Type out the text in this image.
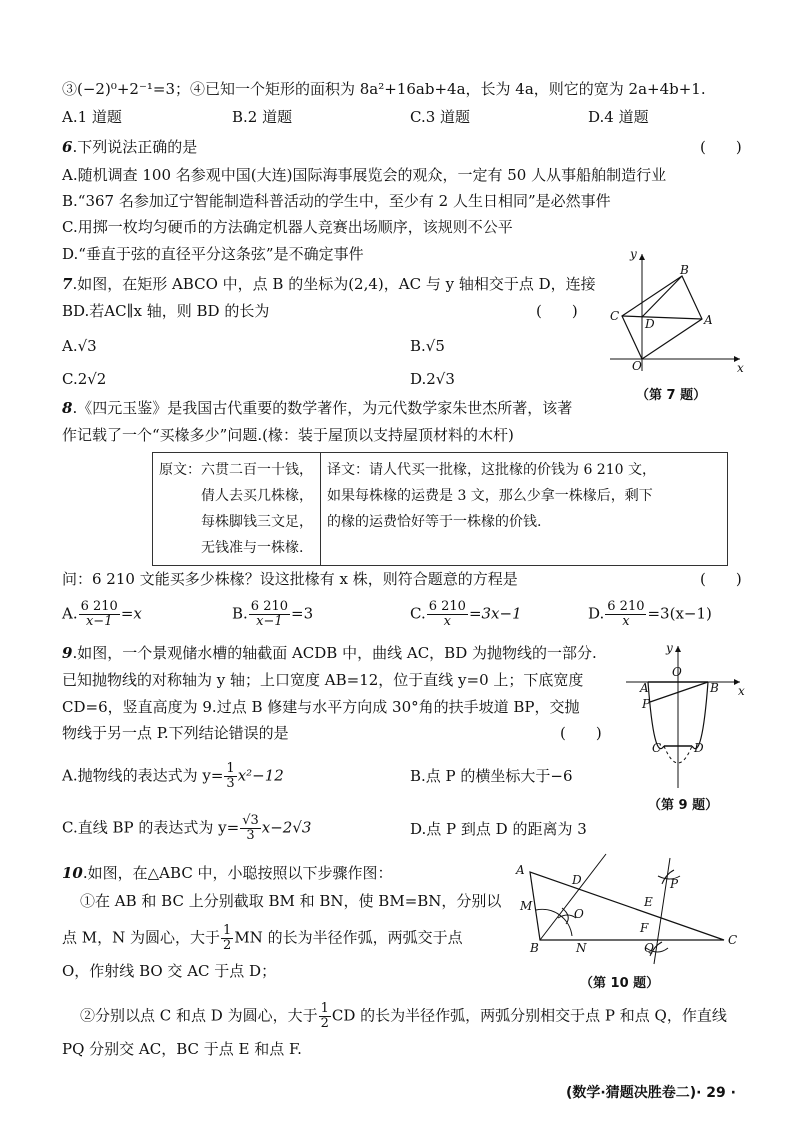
③(−2)⁰+2⁻¹=3；④已知一个矩形的面积为 8a²+16ab+4a，长为 4a，则它的宽为 2a+4b+1.
A.1 道题	B.2 道题	C.3 道题	D.4 道题
6.下列说法正确的是	(　　)
A.随机调查 100 名参观中国(大连)国际海事展览会的观众，一定有 50 人从事船舶制造行业
B.“367 名参加辽宁智能制造科普活动的学生中，至少有 2 人生日相同”是必然事件
C.用掷一枚均匀硬币的方法确定机器人竞赛出场顺序，该规则不公平
D.“垂直于弦的直径平分这条弦”是不确定事件
7.如图，在矩形 ABCO 中，点 B 的坐标为(2,4)，AC 与 y 轴相交于点 D，连接
BD.若AC∥x 轴，则 BD 的长为	(　　)
A.√3	B.√5
C.2√2	D.2√3
y
x
B
C
D	A
O
（第 7 题）
8.《四元玉鉴》是我国古代重要的数学著作，为元代数学家朱世杰所著，该著
作记载了一个“买椽多少”问题.(椽：装于屋顶以支持屋顶材料的木杆)
原文：六贯二百一十钱，
倩人去买几株椽，
每株脚钱三文足，
无钱准与一株椽.

译文：请人代买一批椽，这批椽的价钱为 6 210 文，
如果每株椽的运费是 3 文，那么少拿一株椽后，剩下
的椽的运费恰好等于一株椽的价钱.
问：6 210 文能买多少株椽？设这批椽有 x 株，则符合题意的方程是	(　　)
A. $\frac{6 210}{x-1} =x$	B. $\frac{6 210}{x-1} =3$	C. $\frac{6 210}{x} =3x-1$	D. $\frac{6 210}{x} =3(x-1)$
9.如图，一个景观储水槽的轴截面 ACDB 中，曲线 AC，BD 为抛物线的一部分.
已知抛物线的对称轴为 y 轴；上口宽度 AB=12，位于直线 y=0 上；下底宽度
CD=6，竖直高度为 9.过点 B 修建与水平方向成 30°角的扶手坡道 BP，交抛
物线于另一点 P.下列结论错误的是	(　　)
A.抛物线的表达式为 $y= \frac{1}{3} x^2-12$	B.点 P 的横坐标大于−6
C.直线 BP 的表达式为 $y= \frac{√3}{3} x-2√3$	D.点 P 到点 D 的距离为 3
y
O
A	B x
P
C	D
（第 9 题）
10.如图，在△ABC 中，小聪按照以下步骤作图：
①在 AB 和 BC 上分别截取 BM 和 BN，使 BM=BN，分别以
点 M，N 为圆心，大于 $\frac{1}{2}$ MN 的长为半径作弧，两弧交于点
O，作射线 BO 交 AC 于点 D；
②分别以点 C 和点 D 为圆心，大于 $\frac{1}{2}$ CD 的长为半径作弧，两弧分别相交于点 P 和点 Q，作直线
PQ 分别交 AC，BC 于点 E 和点 F.
A
D
M
O
P
E
F
Q
B	N
C
（第 10 题）
(数学·猜题决胜卷二)· 29 ·
